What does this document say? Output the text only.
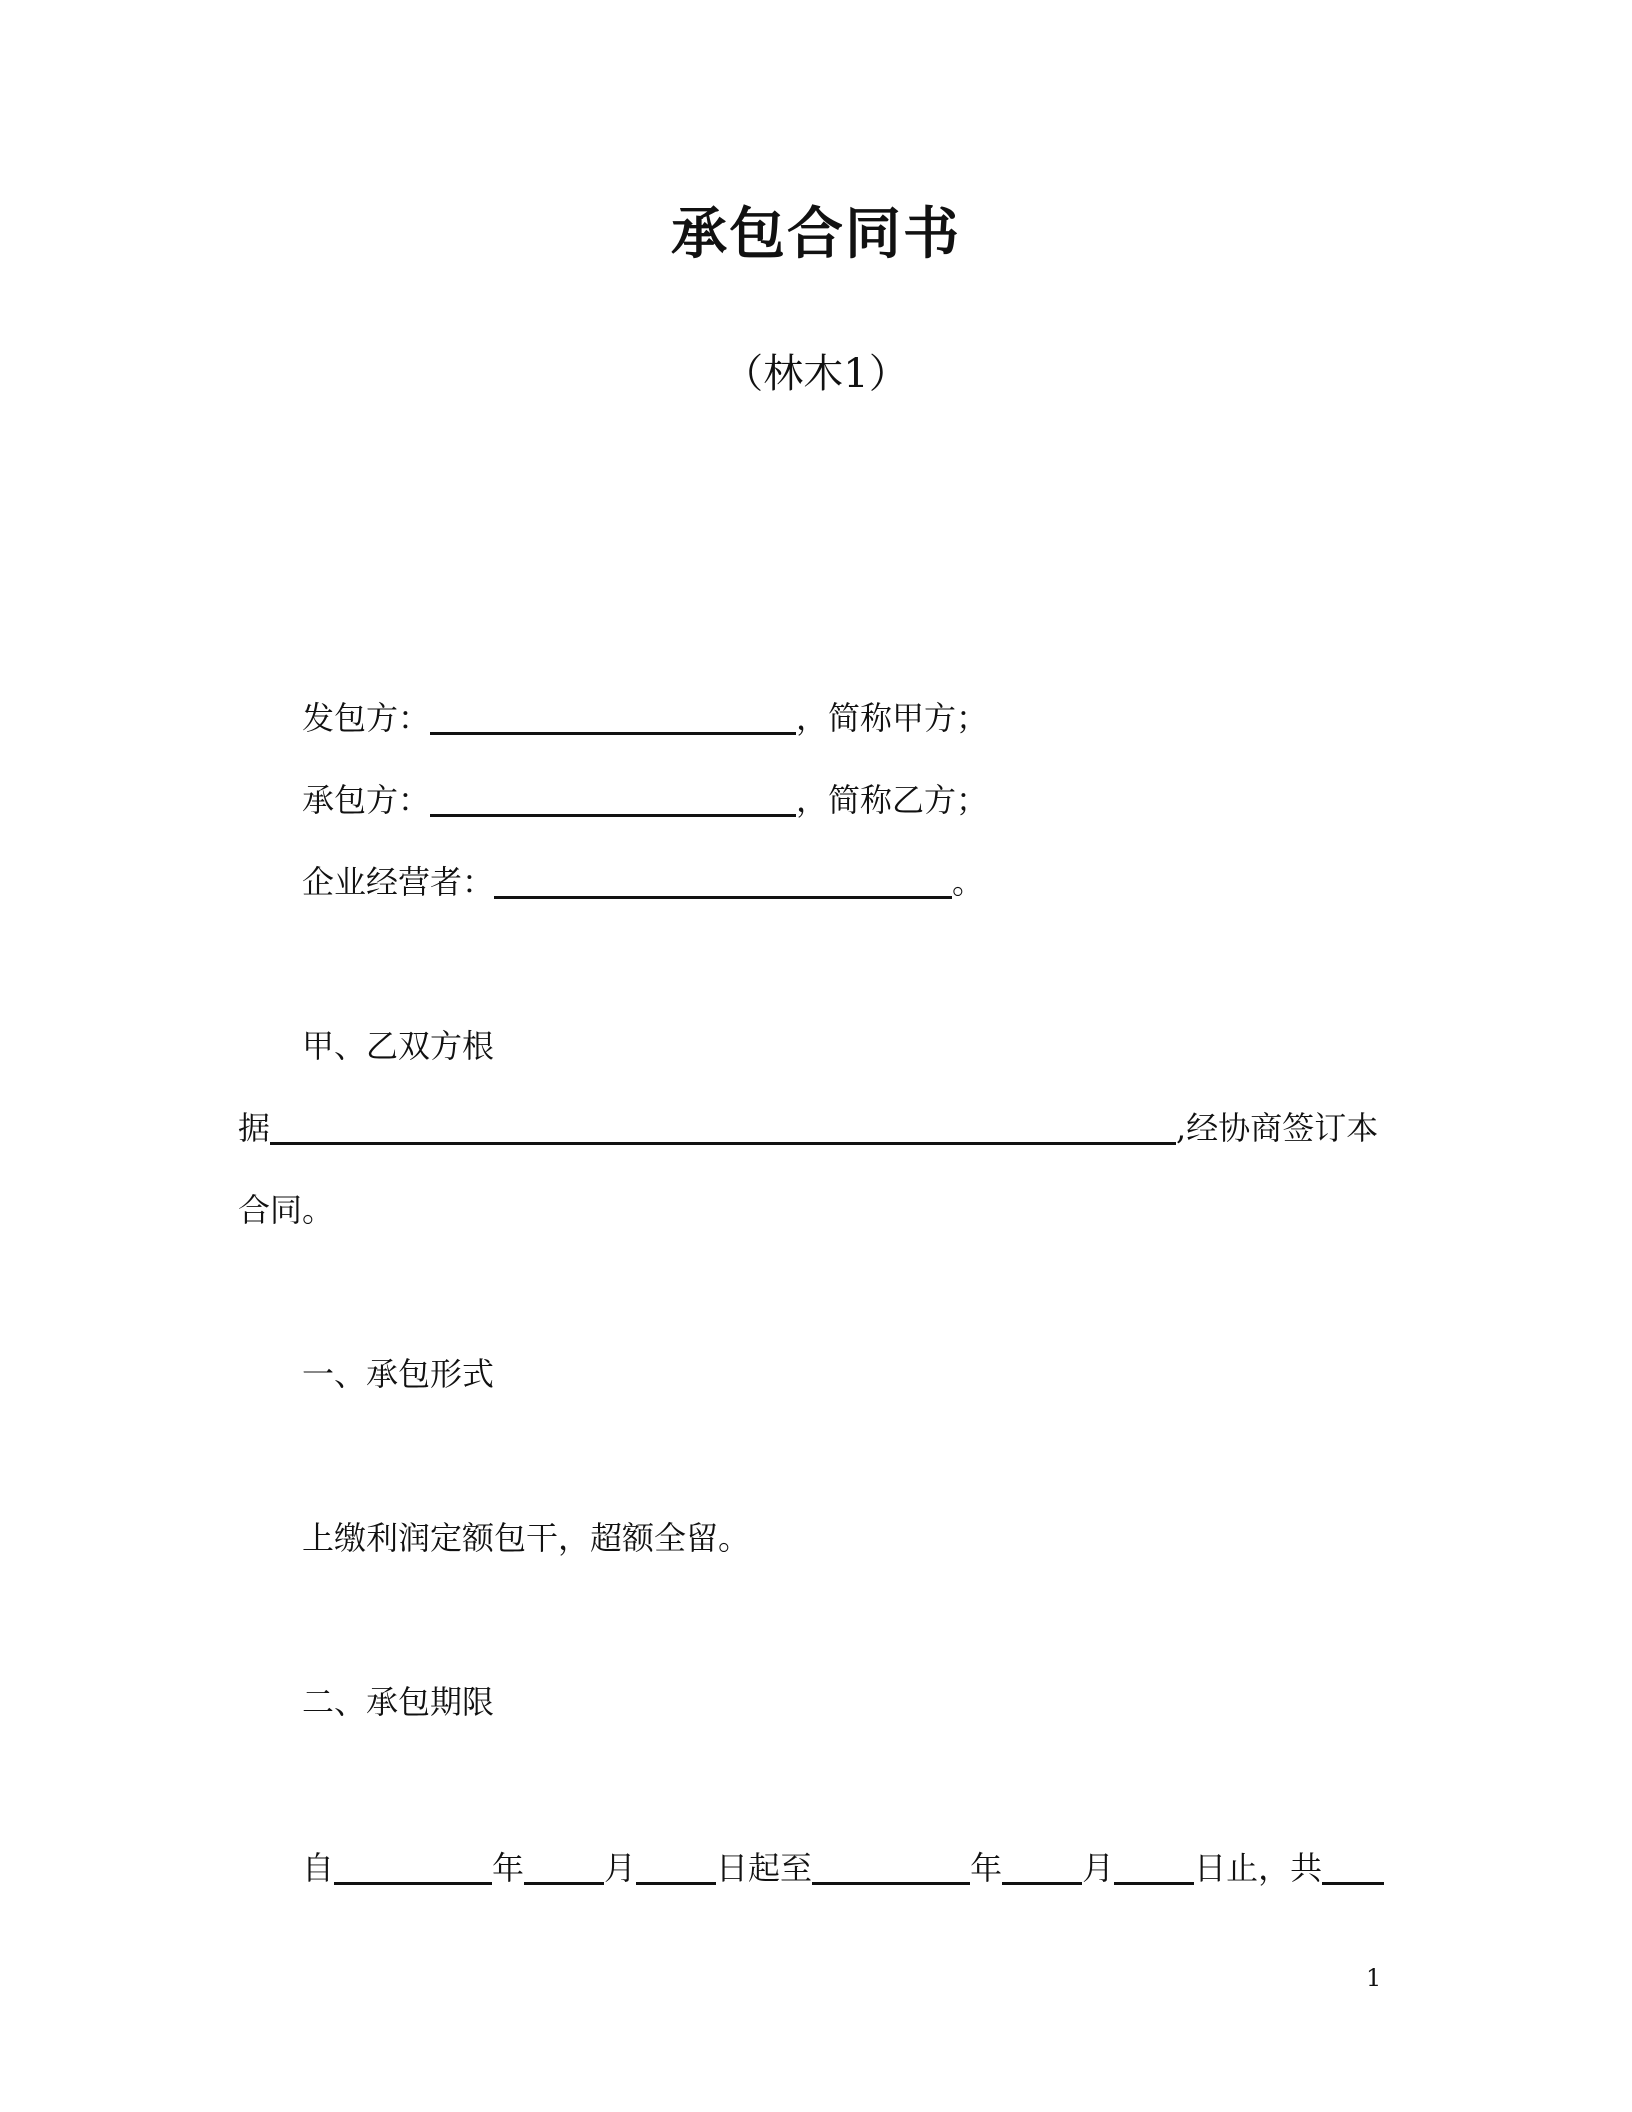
承包合同书
（林木1）
发包方：	，简称甲方；
承包方：	，简称乙方；
企业经营者：	。
甲、乙双方根
据	,经协商签订本
合同。
一、承包形式
上缴利润定额包干，超额全留。
二、承包期限
自	年	月	日起至	年	月	日止，共
1
